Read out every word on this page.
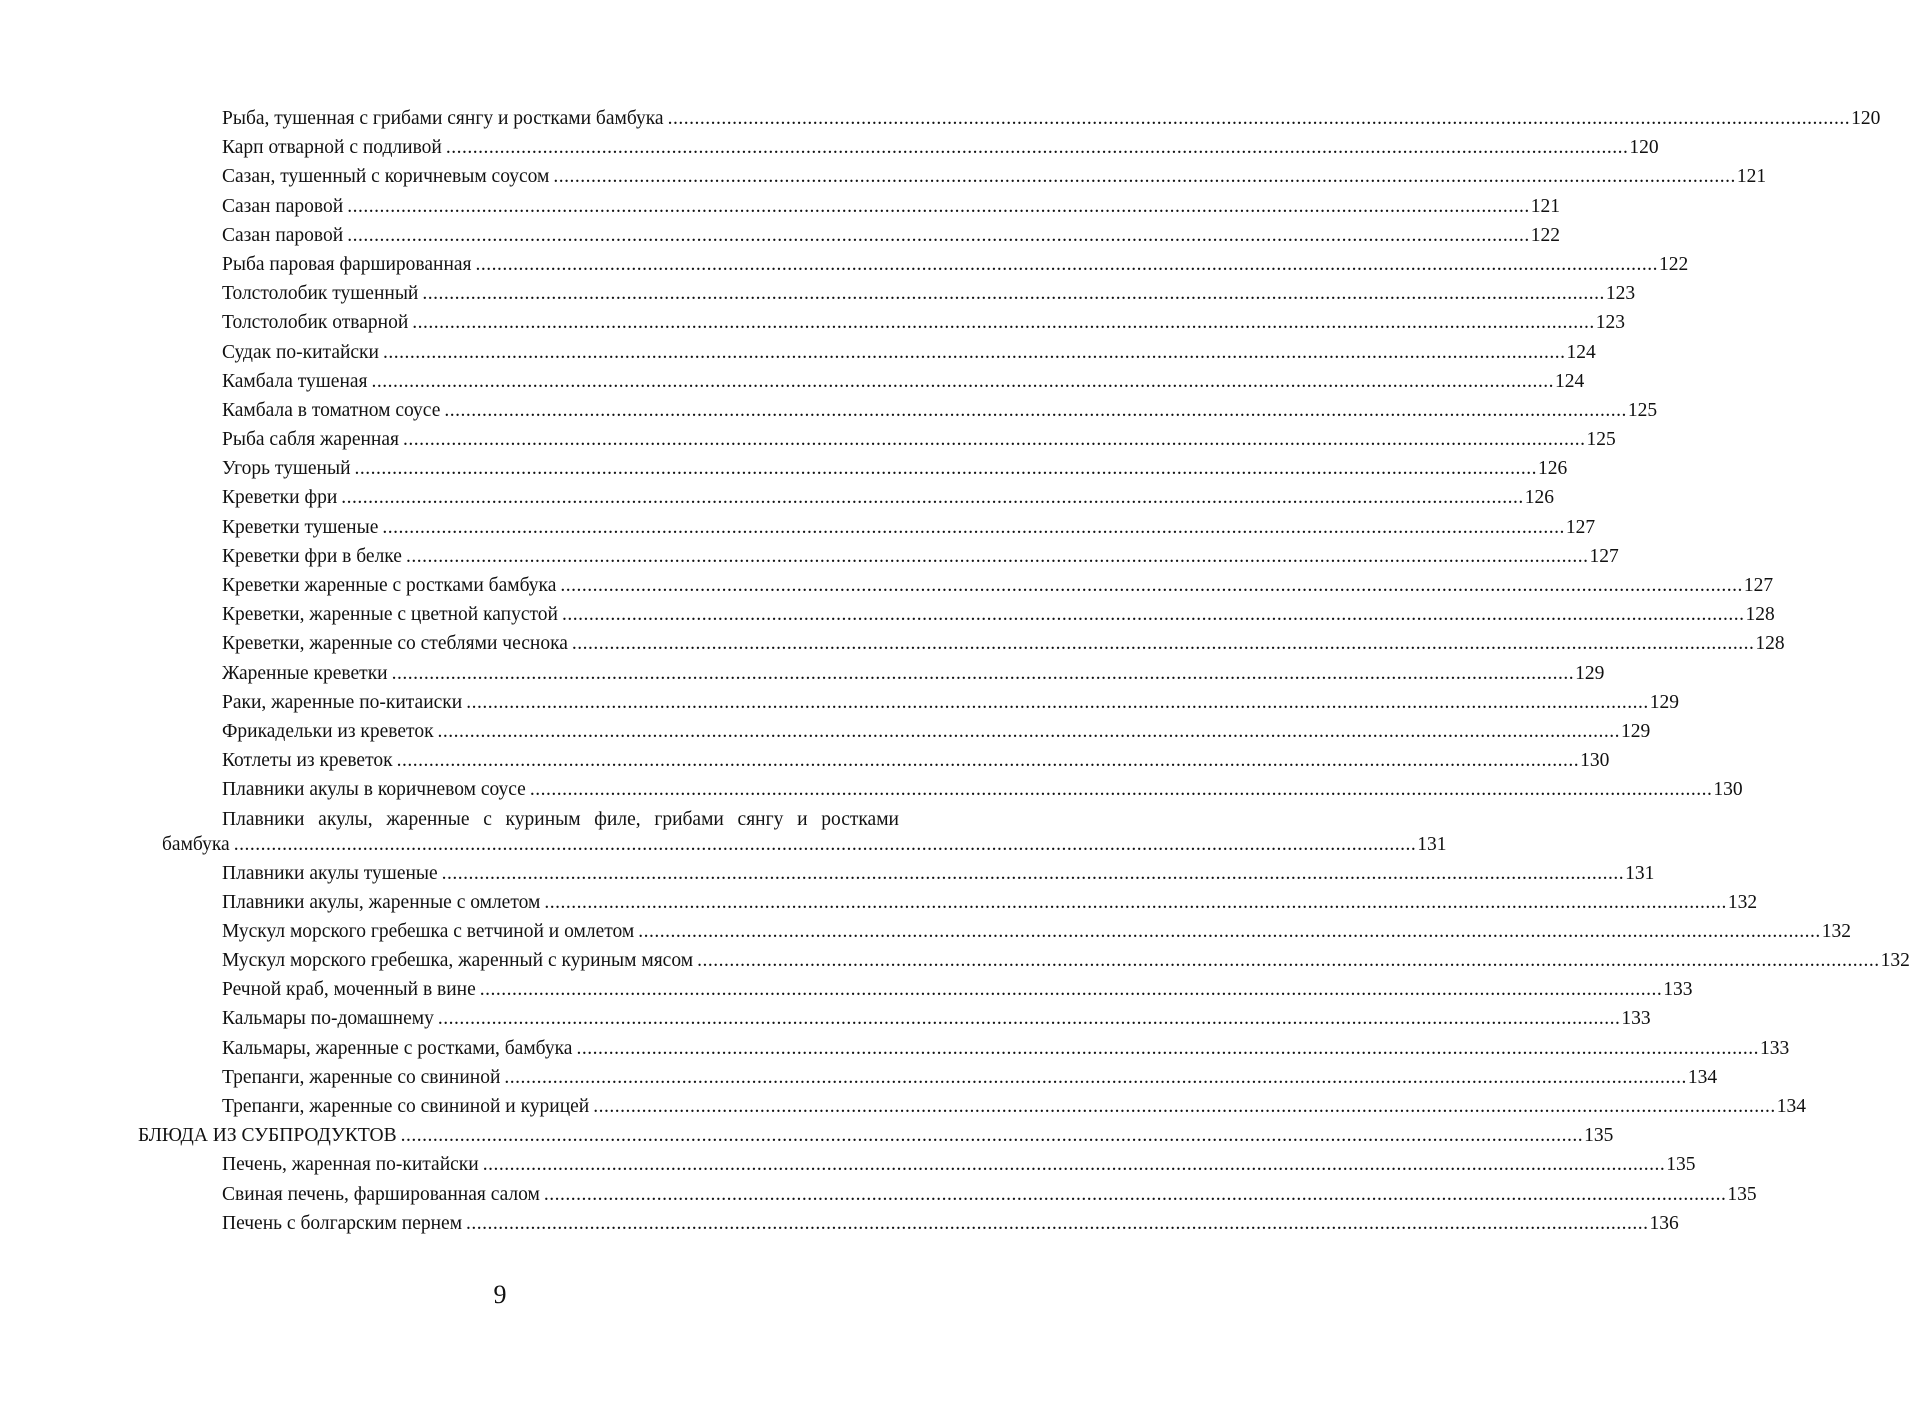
Рыба, тушенная с грибами сянгу и ростками бамбука ............................................................................................................................................................................................................................ 120
Карп отварной с подливой ............................................................................................................................................................................................................................ 120
Сазан, тушенный с коричневым соусом ............................................................................................................................................................................................................................ 121
Сазан паровой ............................................................................................................................................................................................................................ 121
Сазан паровой ............................................................................................................................................................................................................................ 122
Рыба паровая фаршированная ............................................................................................................................................................................................................................ 122
Толстолобик тушенный ............................................................................................................................................................................................................................ 123
Толстолобик отварной ............................................................................................................................................................................................................................ 123
Судак по-китайски ............................................................................................................................................................................................................................ 124
Камбала тушеная ............................................................................................................................................................................................................................ 124
Камбала в томатном соусе ............................................................................................................................................................................................................................ 125
Рыба сабля жаренная ............................................................................................................................................................................................................................ 125
Угорь тушеный ............................................................................................................................................................................................................................ 126
Креветки фри ............................................................................................................................................................................................................................ 126
Креветки тушеные ............................................................................................................................................................................................................................ 127
Креветки фри в белке ............................................................................................................................................................................................................................ 127
Креветки жаренные с ростками бамбука ............................................................................................................................................................................................................................ 127
Креветки, жаренные с цветной капустой ............................................................................................................................................................................................................................ 128
Креветки, жаренные со стеблями чеснока ............................................................................................................................................................................................................................ 128
Жаренные креветки ............................................................................................................................................................................................................................ 129
Раки, жаренные по-китаиски ............................................................................................................................................................................................................................ 129
Фрикадельки из креветок ............................................................................................................................................................................................................................ 129
Котлеты из креветок ............................................................................................................................................................................................................................ 130
Плавники акулы в коричневом соусе ............................................................................................................................................................................................................................ 130
Плавники акулы, жаренные с куриным филе, грибами сянгу и ростками
бамбука ............................................................................................................................................................................................................................ 131
Плавники акулы тушеные ............................................................................................................................................................................................................................ 131
Плавники акулы, жаренные с омлетом ............................................................................................................................................................................................................................ 132
Мускул морского гребешка с ветчиной и омлетом ............................................................................................................................................................................................................................ 132
Мускул морского гребешка, жаренный с куриным мясом ............................................................................................................................................................................................................................ 132
Речной краб, моченный в вине ............................................................................................................................................................................................................................ 133
Кальмары по-домашнему ............................................................................................................................................................................................................................ 133
Кальмары, жаренные с ростками, бамбука ............................................................................................................................................................................................................................ 133
Трепанги, жаренные со свининой ............................................................................................................................................................................................................................ 134
Трепанги, жаренные со свининой и курицей ............................................................................................................................................................................................................................ 134
БЛЮДА ИЗ СУБПРОДУКТОВ ............................................................................................................................................................................................................................ 135
Печень, жаренная по-китайски ............................................................................................................................................................................................................................ 135
Свиная печень, фаршированная салом ............................................................................................................................................................................................................................ 135
Печень с болгарским пернем ............................................................................................................................................................................................................................ 136
9
